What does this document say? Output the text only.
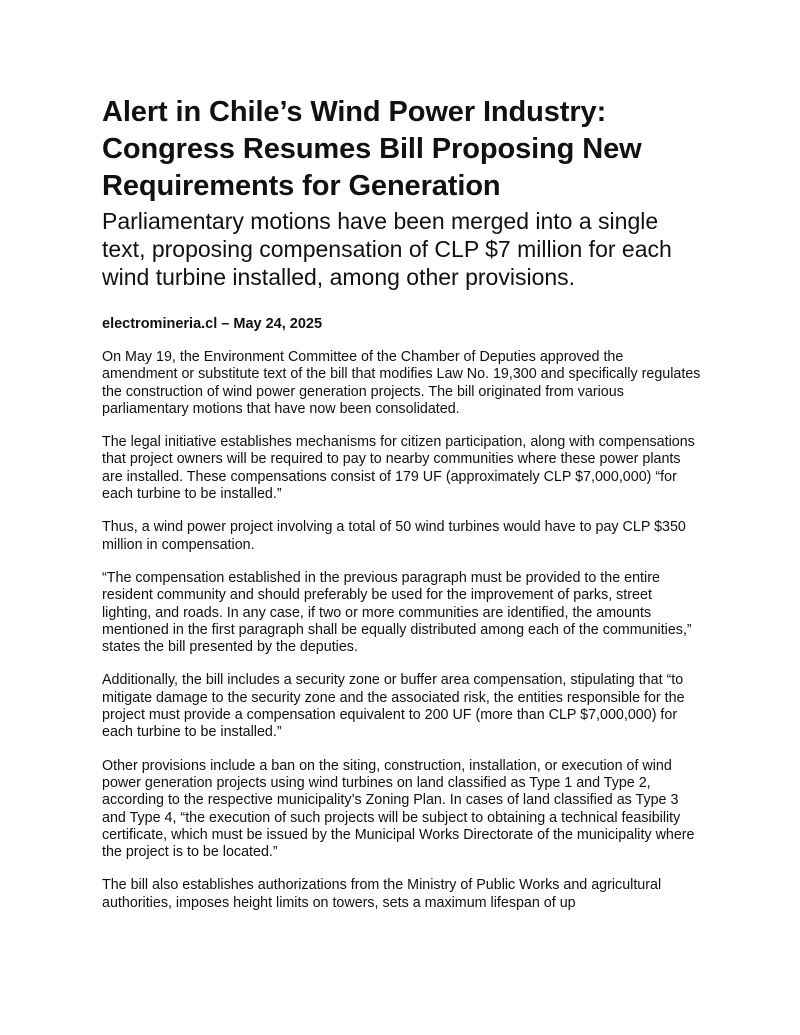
Alert in Chile’s Wind Power Industry: Congress Resumes Bill Proposing New Requirements for Generation

Parliamentary motions have been merged into a single text, proposing compensation of CLP $7 million for each wind turbine installed, among other provisions.

electromineria.cl – May 24, 2025

On May 19, the Environment Committee of the Chamber of Deputies approved the amendment or substitute text of the bill that modifies Law No. 19,300 and specifically regulates the construction of wind power generation projects. The bill originated from various parliamentary motions that have now been consolidated.

The legal initiative establishes mechanisms for citizen participation, along with compensations that project owners will be required to pay to nearby communities where these power plants are installed. These compensations consist of 179 UF (approximately CLP $7,000,000) “for each turbine to be installed.”

Thus, a wind power project involving a total of 50 wind turbines would have to pay CLP $350 million in compensation.

“The compensation established in the previous paragraph must be provided to the entire resident community and should preferably be used for the improvement of parks, street lighting, and roads. In any case, if two or more communities are identified, the amounts mentioned in the first paragraph shall be equally distributed among each of the communities,” states the bill presented by the deputies.

Additionally, the bill includes a security zone or buffer area compensation, stipulating that “to mitigate damage to the security zone and the associated risk, the entities responsible for the project must provide a compensation equivalent to 200 UF (more than CLP $7,000,000) for each turbine to be installed.”

Other provisions include a ban on the siting, construction, installation, or execution of wind power generation projects using wind turbines on land classified as Type 1 and Type 2, according to the respective municipality’s Zoning Plan. In cases of land classified as Type 3 and Type 4, “the execution of such projects will be subject to obtaining a technical feasibility certificate, which must be issued by the Municipal Works Directorate of the municipality where the project is to be located.”

The bill also establishes authorizations from the Ministry of Public Works and agricultural authorities, imposes height limits on towers, sets a maximum lifespan of up
